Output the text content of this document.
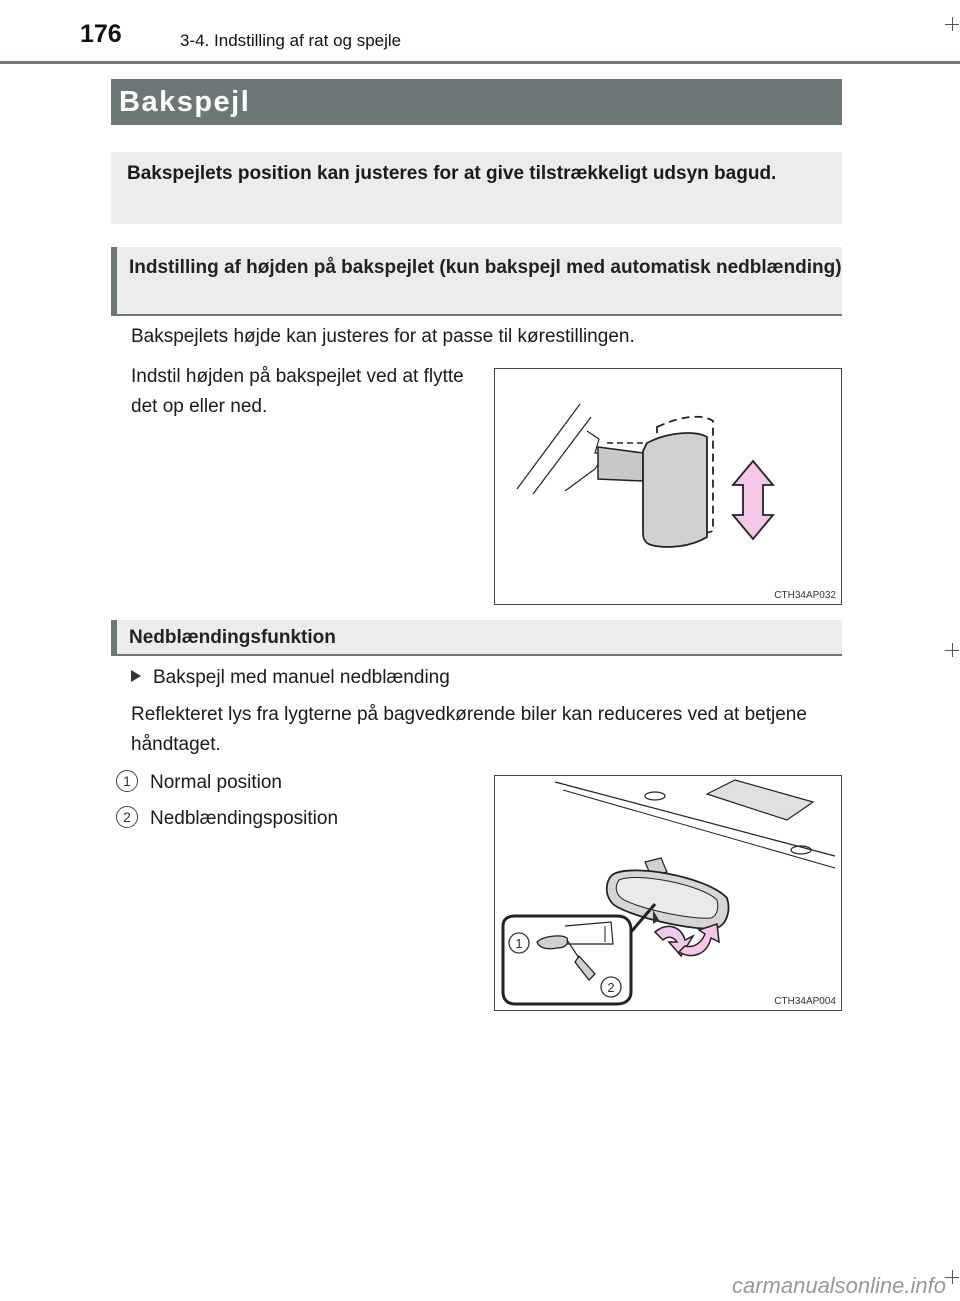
176	3-4. Indstilling af rat og spejle
Bakspejl
Bakspejlets position kan justeres for at give tilstrækkeligt udsyn bagud.
Indstilling af højden på bakspejlet (kun bakspejl med automatisk nedblænding)
Bakspejlets højde kan justeres for at passe til kørestillingen.
Indstil højden på bakspejlet ved at flytte det op eller ned.
CTH34AP032
Nedblændingsfunktion
Bakspejl med manuel nedblænding
Reflekteret lys fra lygterne på bagvedkørende biler kan reduceres ved at betjene håndtaget.
1 Normal position
2 Nedblændingsposition
1
2
CTH34AP004
carmanualsonline.info
